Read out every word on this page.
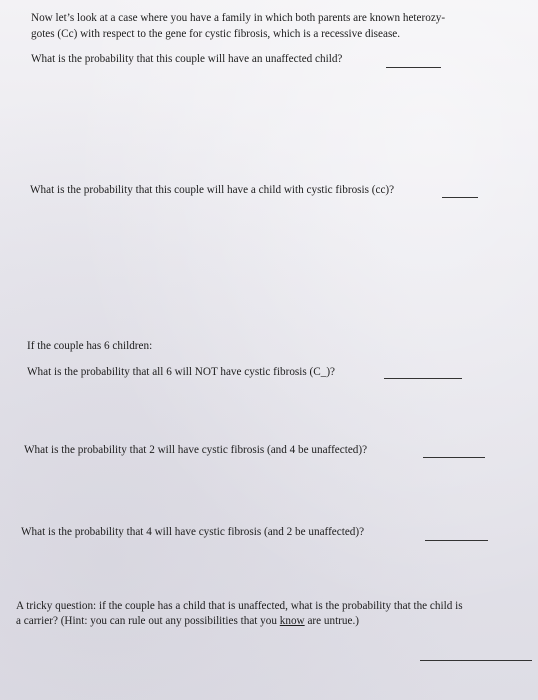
Now let’s look at a case where you have a family in which both parents are known heterozy-
gotes (Cc) with respect to the gene for cystic fibrosis, which is a recessive disease.
What is the probability that this couple will have an unaffected child?
What is the probability that this couple will have a child with cystic fibrosis (cc)?
If the couple has 6 children:
What is the probability that all 6 will NOT have cystic fibrosis (C_)?
What is the probability that 2 will have cystic fibrosis (and 4 be unaffected)?
What is the probability that 4 will have cystic fibrosis (and 2 be unaffected)?
A tricky question: if the couple has a child that is unaffected, what is the probability that the child is
a carrier? (Hint: you can rule out any possibilities that you know are untrue.)
